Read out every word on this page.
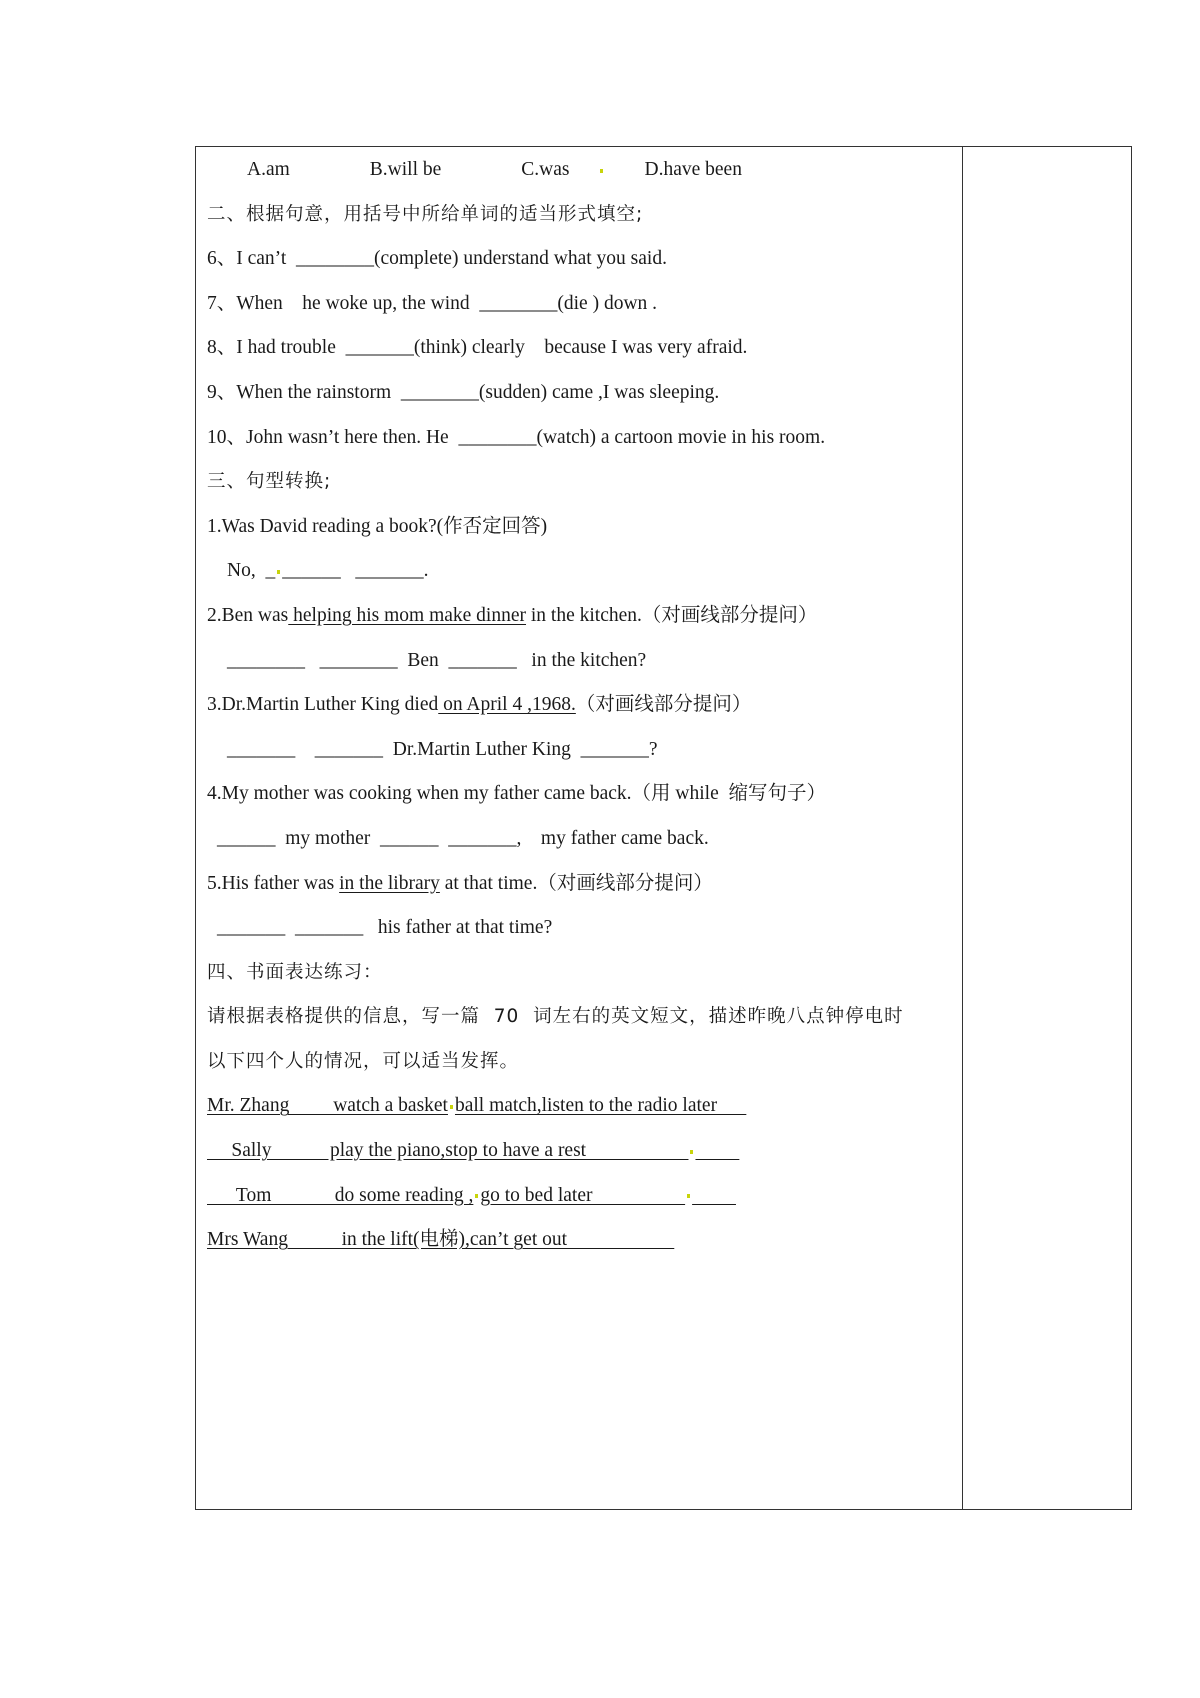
A.am	B.will be	C.was	D.have been
二、根据句意，用括号中所给单词的适当形式填空;
6、I can’t  ________(complete) understand what you said.
7、When    he woke up, the wind  ________(die ) down .
8、I had trouble  _______(think) clearly    because I was very afraid.
9、When the rainstorm  ________(sudden) came ,I was sleeping.
10、John wasn’t here then. He  ________(watch) a cartoon movie in his room.
三、句型转换;
1.Was David reading a book?(作否定回答)
No,  _ ______   _______.
2.Ben was helping his mom make dinner in the kitchen.（对画线部分提问）
________   ________  Ben  _______   in the kitchen?
3.Dr.Martin Luther King died on April 4 ,1968.（对画线部分提问）
_______    _______  Dr.Martin Luther King  _______?
4.My mother was cooking when my father came back.（用 while  缩写句子）
______  my mother  ______  _______,    my father came back.
5.His father was in the library at that time.（对画线部分提问）
_______  _______   his father at that time?
四、书面表达练习：
请根据表格提供的信息，写一篇  70  词左右的英文短文，描述昨晚八点钟停电时
以下四个人的情况，可以适当发挥。
Mr. Zhang         watch a basket ball match,listen to the radio later
Sally            play the piano,stop to have a rest
Tom             do some reading , go to bed later
Mrs Wang           in the lift(电梯),can’t get out
